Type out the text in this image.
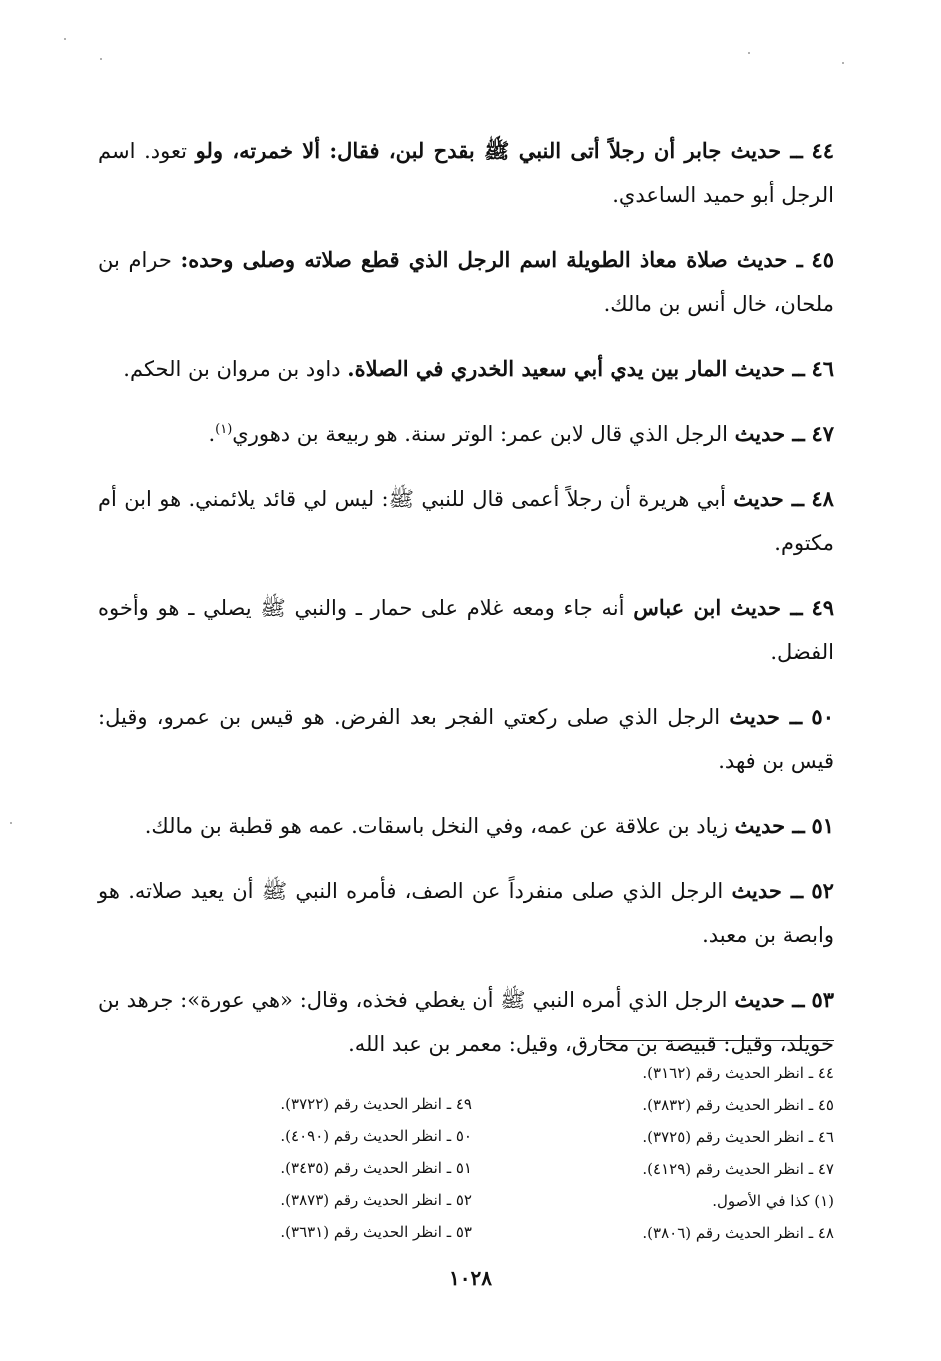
٤٤ ــ حديث جابر أن رجلاً أتى النبي ﷺ بقدح لبن، فقال: ألا خمرته، ولو تعود. اسم الرجل أبو حميد الساعدي.

٤٥ ـ حديث صلاة معاذ الطويلة اسم الرجل الذي قطع صلاته وصلى وحده: حرام بن ملحان، خال أنس بن مالك.

٤٦ ــ حديث المار بين يدي أبي سعيد الخدري في الصلاة. داود بن مروان بن الحكم.

٤٧ ــ حديث الرجل الذي قال لابن عمر: الوتر سنة. هو ربيعة بن دهوري$^{(١)}$.

٤٨ ــ حديث أبي هريرة أن رجلاً أعمى قال للنبي ﷺ: ليس لي قائد يلائمني. هو ابن أم مكتوم.

٤٩ ــ حديث ابن عباس أنه جاء ومعه غلام على حمار ـ والنبي ﷺ يصلي ـ هو وأخوه الفضل.

٥٠ ــ حديث الرجل الذي صلى ركعتي الفجر بعد الفرض. هو قيس بن عمرو، وقيل: قيس بن فهد.

٥١ ــ حديث زياد بن علاقة عن عمه، وفي النخل باسقات. عمه هو قطبة بن مالك.

٥٢ ــ حديث الرجل الذي صلى منفرداً عن الصف، فأمره النبي ﷺ أن يعيد صلاته. هو وابصة بن معبد.

٥٣ ــ حديث الرجل الذي أمره النبي ﷺ أن يغطي فخذه، وقال: «هي عورة»: جرهد بن خويلد، وقيل: قبيصة بن مخارق، وقيل: معمر بن عبد الله.

٤٤ ـ انظر الحديث رقم (٣١٦٢).
٤٥ ـ انظر الحديث رقم (٣٨٣٢).
٤٦ ـ انظر الحديث رقم (٣٧٢٥).
٤٧ ـ انظر الحديث رقم (٤١٢٩).
(١) كذا في الأصول.
٤٨ ـ انظر الحديث رقم (٣٨٠٦).
٤٩ ـ انظر الحديث رقم (٣٧٢٢).
٥٠ ـ انظر الحديث رقم (٤٠٩٠).
٥١ ـ انظر الحديث رقم (٣٤٣٥).
٥٢ ـ انظر الحديث رقم (٣٨٧٣).
٥٣ ـ انظر الحديث رقم (٣٦٣١).
١٠٢٨
